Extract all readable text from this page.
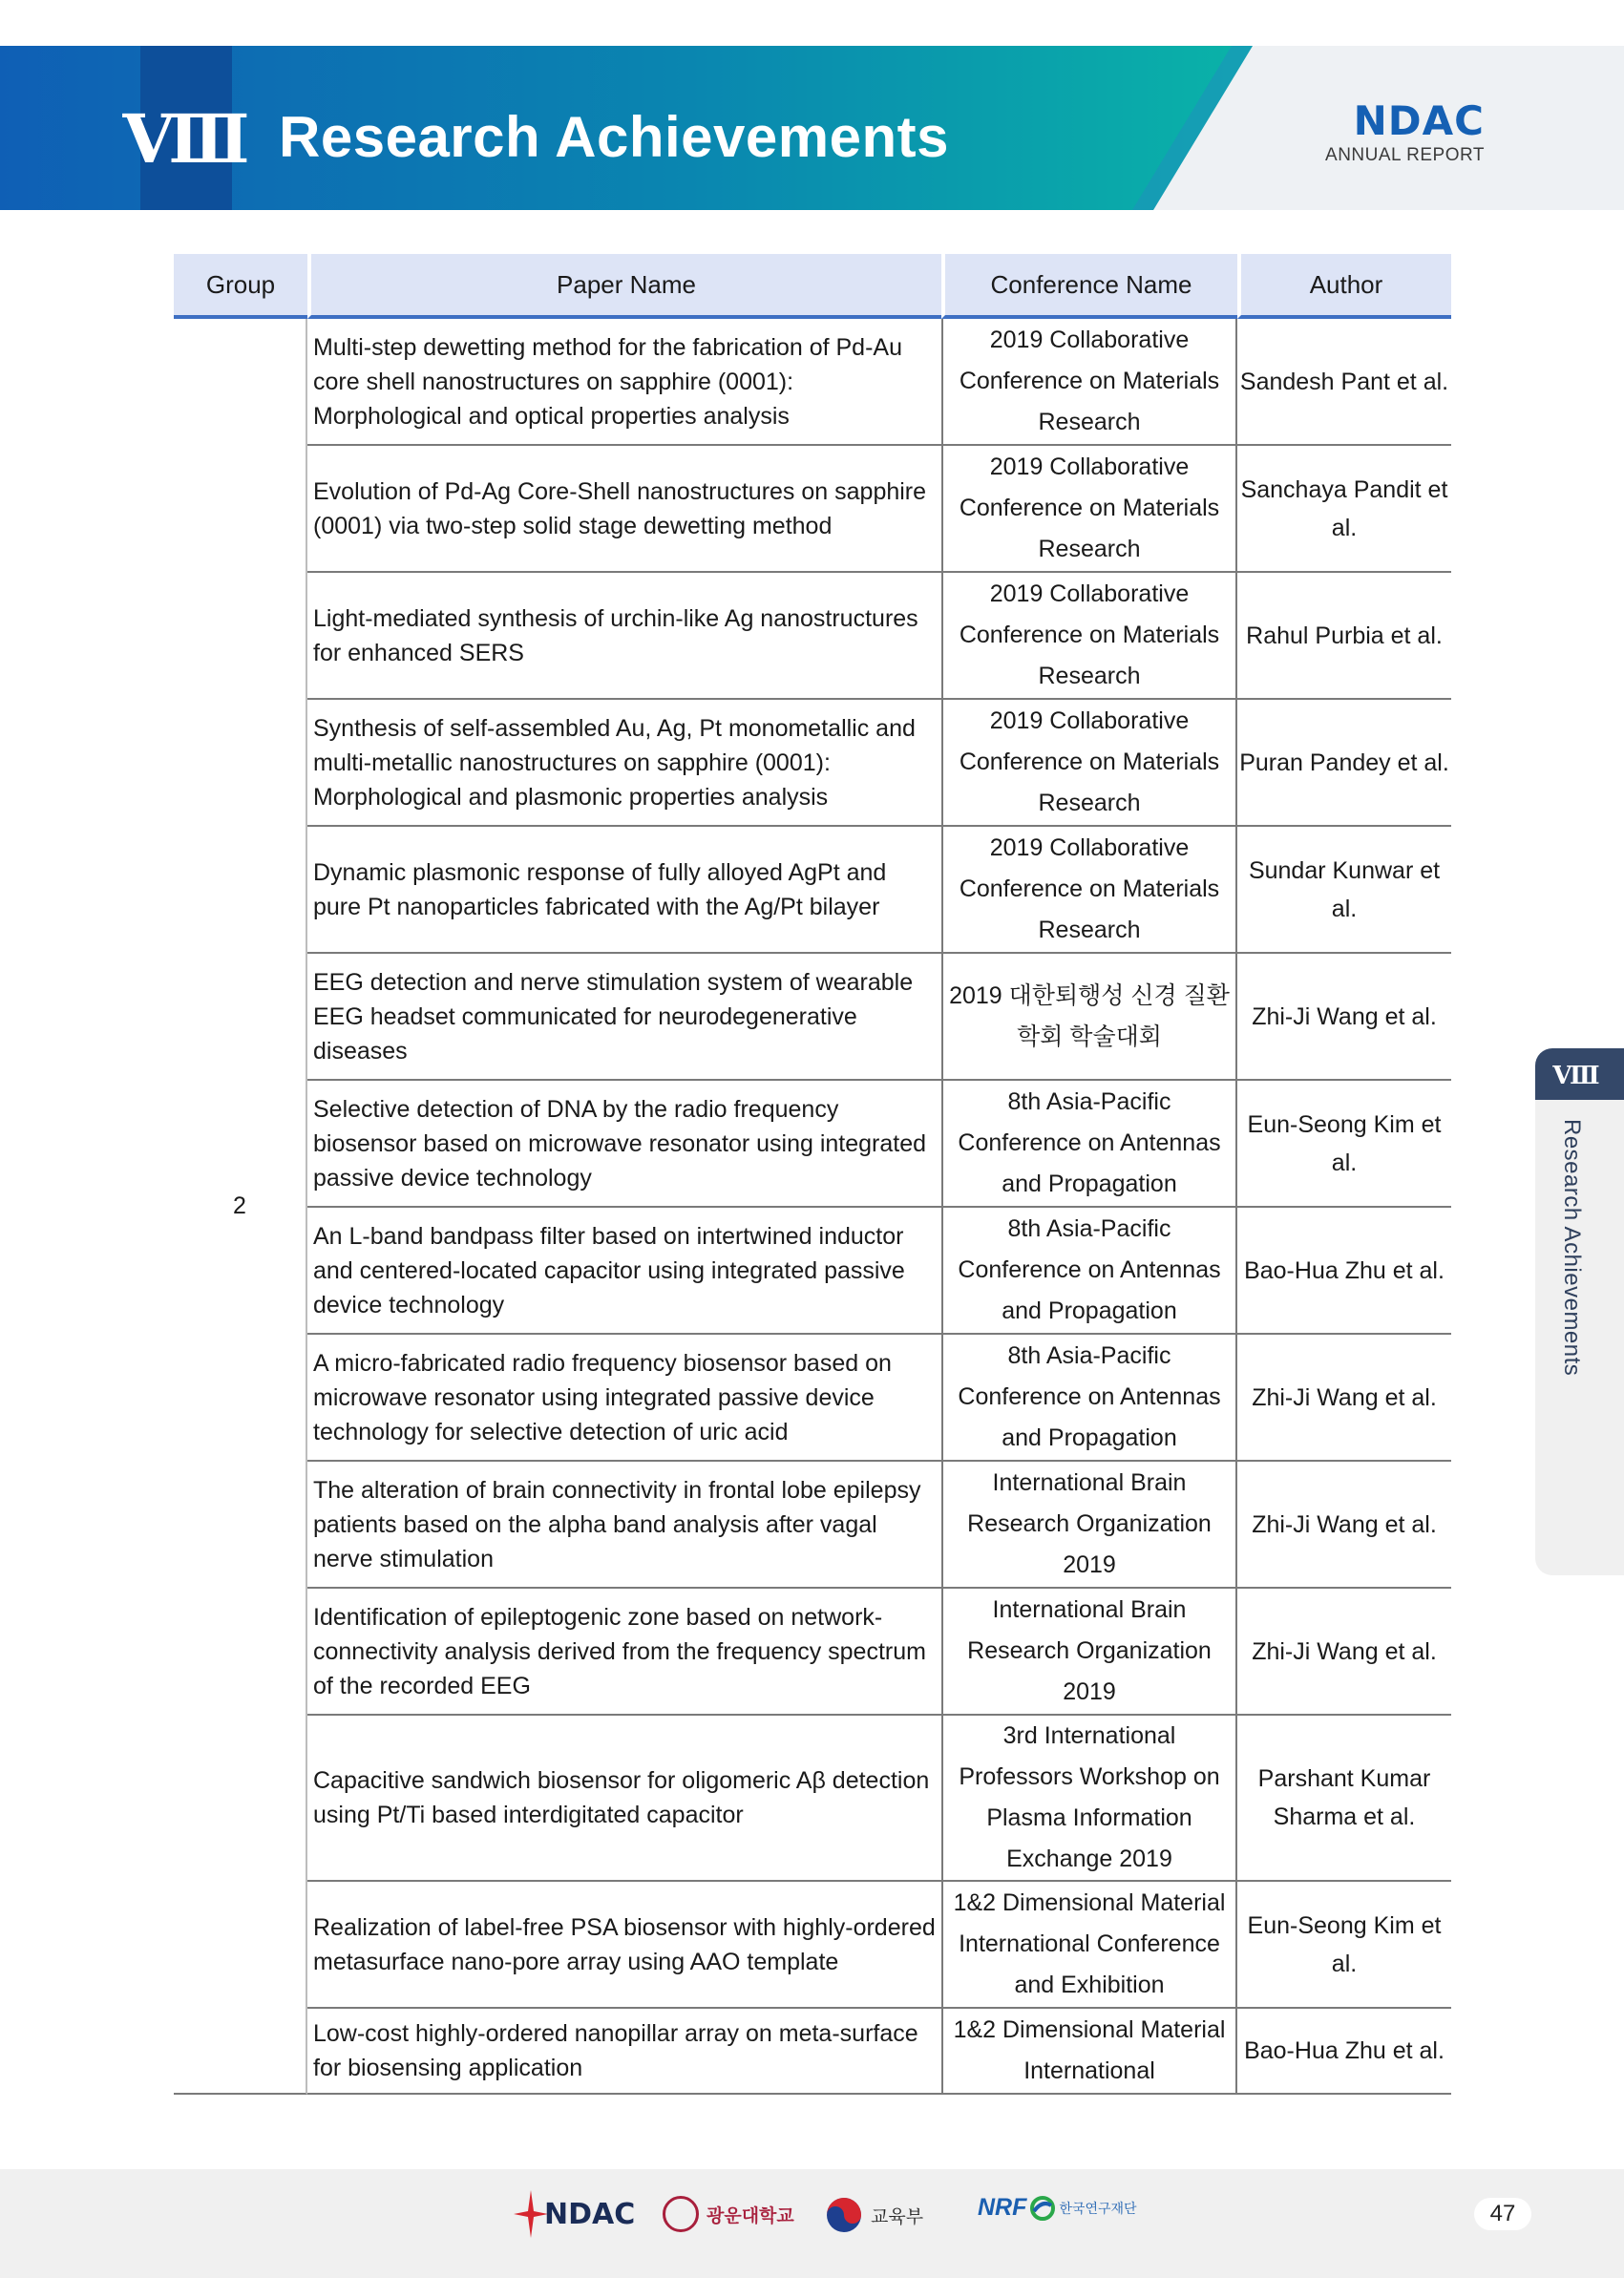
Ⅷ Research Achievements	NDAC
ANNUAL REPORT
Group	Paper Name	Conference Name	Author
2	Multi-step dewetting method for the fabrication of Pd-Au core shell nanostructures on sapphire (0001): Morphological and optical properties analysis	2019 Collaborative Conference on Materials Research	Sandesh Pant et al.
	Evolution of Pd-Ag Core-Shell nanostructures on sapphire (0001) via two-step solid stage dewetting method	2019 Collaborative Conference on Materials Research	Sanchaya Pandit et al.
	Light-mediated synthesis of urchin-like Ag nanostructures for enhanced SERS	2019 Collaborative Conference on Materials Research	Rahul Purbia et al.
	Synthesis of self-assembled Au, Ag, Pt monometallic and multi-metallic nanostructures on sapphire (0001): Morphological and plasmonic properties analysis	2019 Collaborative Conference on Materials Research	Puran Pandey et al.
	Dynamic plasmonic response of fully alloyed AgPt and pure Pt nanoparticles fabricated with the Ag/Pt bilayer	2019 Collaborative Conference on Materials Research	Sundar Kunwar et al.
	EEG detection and nerve stimulation system of wearable EEG headset communicated for neurodegenerative diseases	2019 대한퇴행성 신경 질환학회 학술대회	Zhi-Ji Wang et al.
	Selective detection of DNA by the radio frequency biosensor based on microwave resonator using integrated passive device technology	8th Asia-Pacific Conference on Antennas and Propagation	Eun-Seong Kim et al.
	An L-band bandpass filter based on intertwined inductor and centered-located capacitor using integrated passive device technology	8th Asia-Pacific Conference on Antennas and Propagation	Bao-Hua Zhu et al.
	A micro-fabricated radio frequency biosensor based on microwave resonator using integrated passive device technology for selective detection of uric acid	8th Asia-Pacific Conference on Antennas and Propagation	Zhi-Ji Wang et al.
	The alteration of brain connectivity in frontal lobe epilepsy patients based on the alpha band analysis after vagal nerve stimulation	International Brain Research Organization 2019	Zhi-Ji Wang et al.
	Identification of epileptogenic zone based on network-connectivity analysis derived from the frequency spectrum of the recorded EEG	International Brain Research Organization 2019	Zhi-Ji Wang et al.
	Capacitive sandwich biosensor for oligomeric Aβ detection using Pt/Ti based interdigitated capacitor	3rd International Professors Workshop on Plasma Information Exchange 2019	Parshant Kumar Sharma et al.
	Realization of label-free PSA biosensor with highly-ordered metasurface nano-pore array using AAO template	1&2 Dimensional Material International Conference and Exhibition	Eun-Seong Kim et al.
	Low-cost highly-ordered nanopillar array on meta-surface for biosensing application	1&2 Dimensional Material International	Bao-Hua Zhu et al.
Ⅷ
Research Achievements
NDAC	광운대학교	교육부 NRF 한국연구재단	47
